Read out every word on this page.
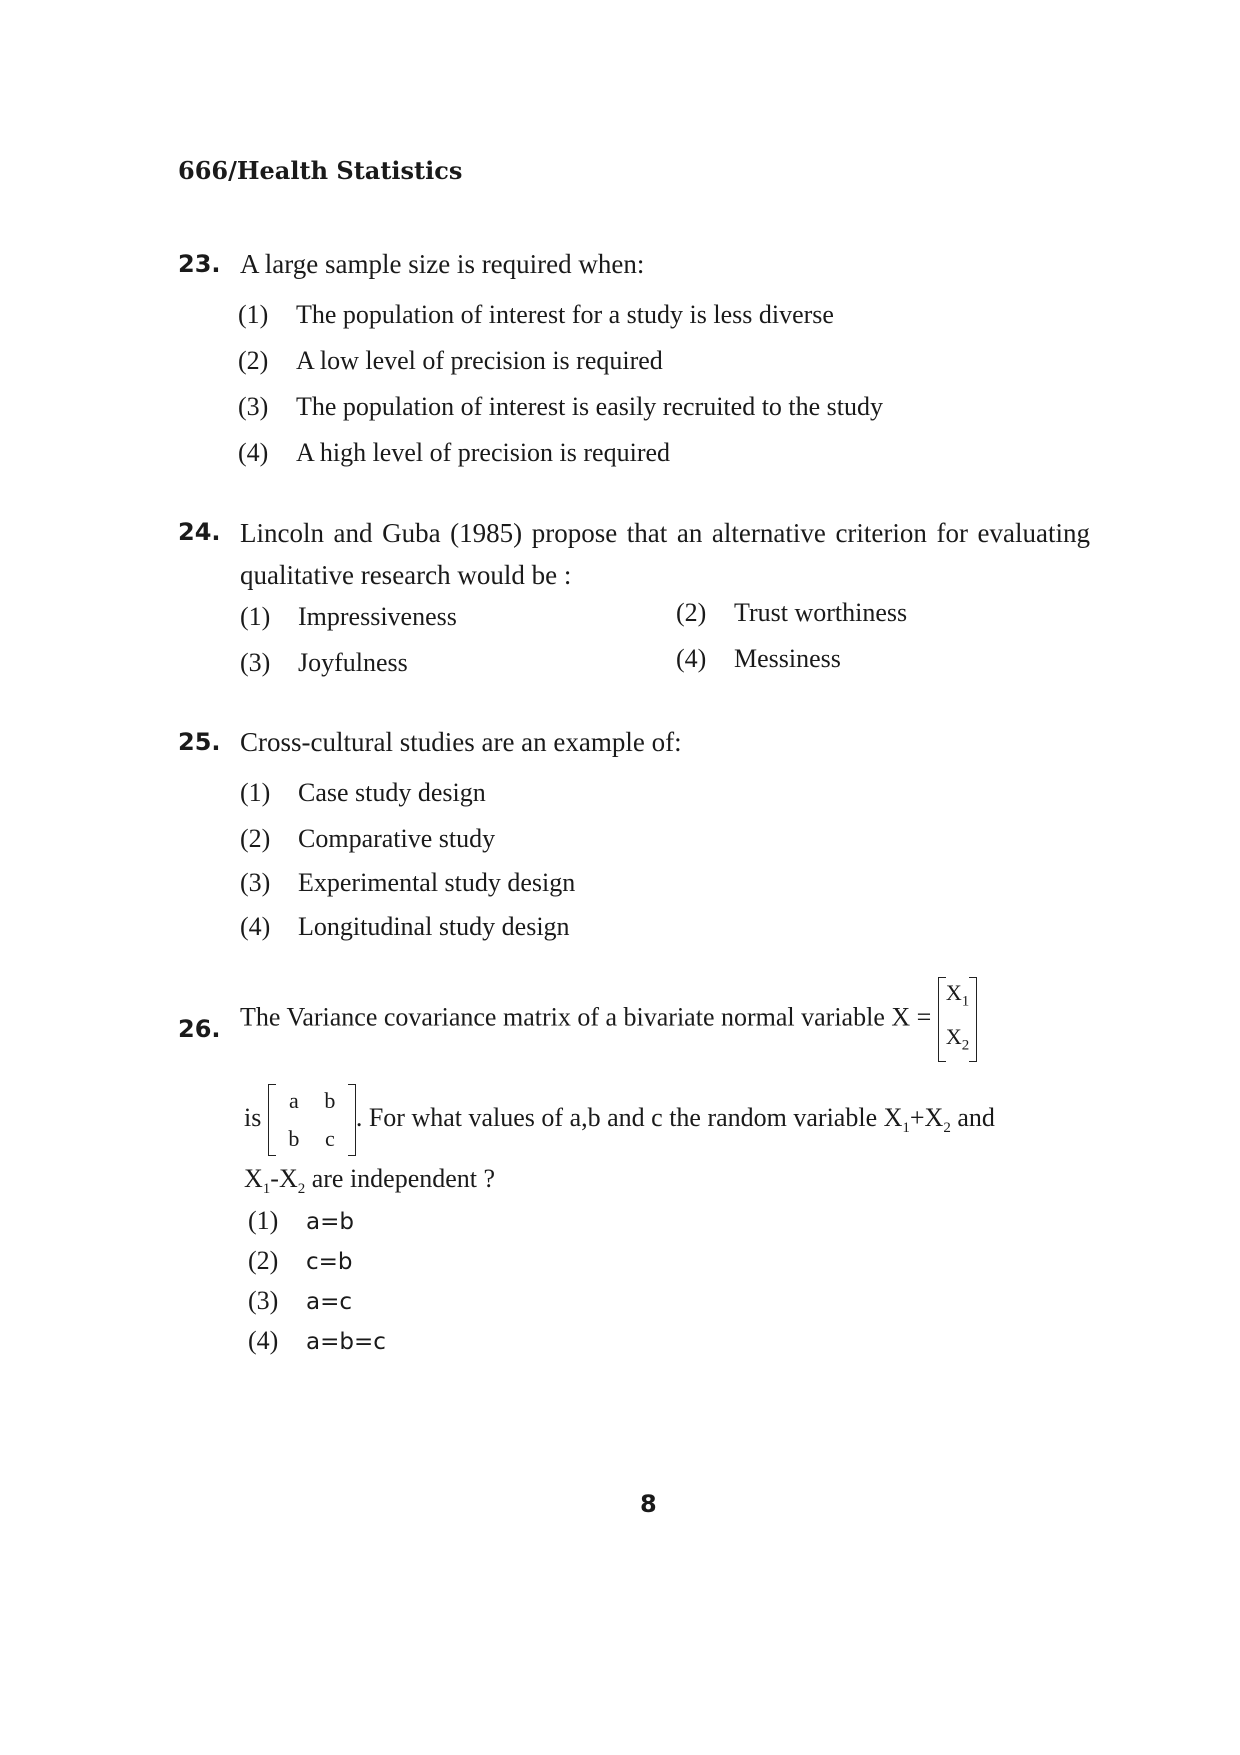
666/Health Statistics
23. A large sample size is required when:
(1) The population of interest for a study is less diverse
(2) A low level of precision is required
(3) The population of interest is easily recruited to the study
(4) A high level of precision is required
24. Lincoln and Guba (1985) propose that an alternative criterion for evaluating qualitative research would be :
(1) Impressiveness	(2) Trust worthiness
(3) Joyfulness	(4) Messiness
25. Cross-cultural studies are an example of:
(1) Case study design
(2) Comparative study
(3) Experimental study design
(4) Longitudinal study design
26. The Variance covariance matrix of a bivariate normal variable X =
$X_1$
$X_2$
is
a b
b c
. For what values of a,b and c the random variable $X_1+X_2$ and
$X_1-X_2$ are independent ?
(1) a=b
(2) c=b
(3) a=c
(4) a=b=c
8
